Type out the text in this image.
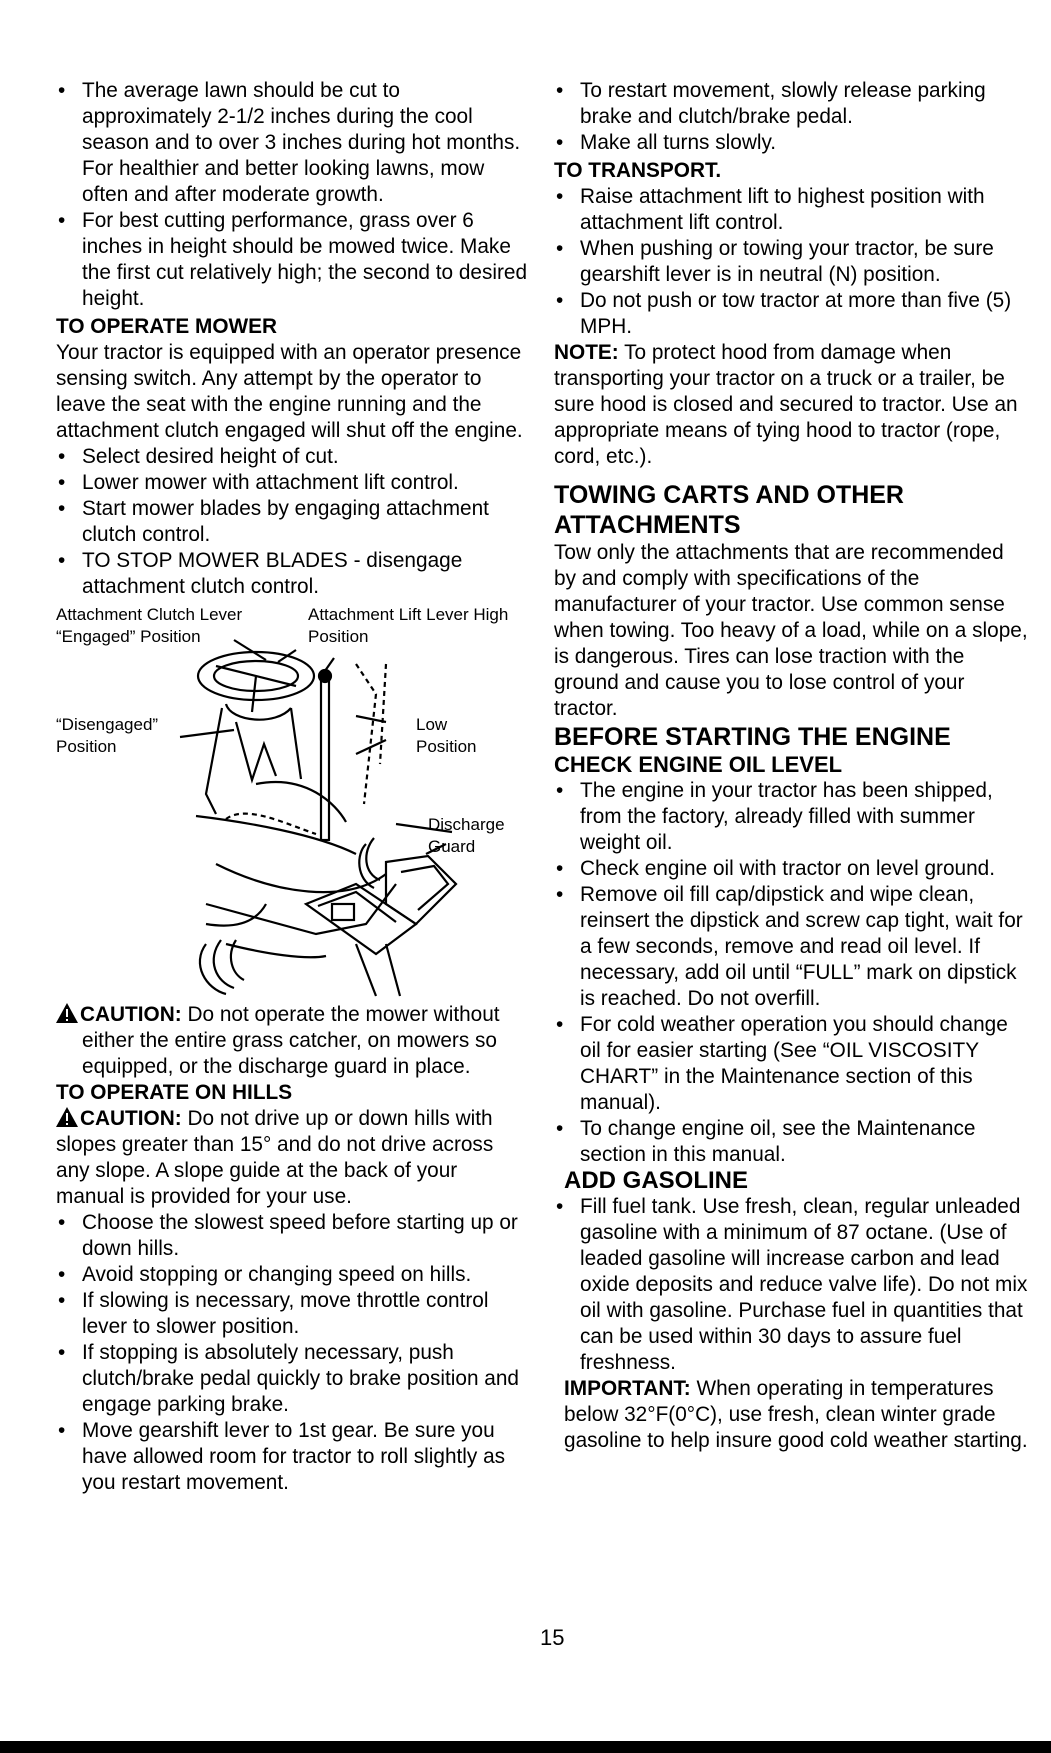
• The average lawn should be cut to approximately 2-1/2 inches during the cool season and to over 3 inches during hot months. For healthier and better looking lawns, mow often and after moderate growth.

• For best cutting performance, grass over 6 inches in height should be mowed twice. Make the first cut relatively high; the second to desired height.

TO OPERATE MOWER

Your tractor is equipped with an operator presence sensing switch. Any attempt by the operator to leave the seat with the engine running and the attachment clutch engaged will shut off the engine.

• Select desired height of cut.

• Lower mower with attachment lift control.

• Start mower blades by engaging attachment clutch control.

• TO STOP MOWER BLADES - disengage attachment clutch control.

Attachment Clutch Lever “Engaged” Position
Attachment Lift Lever High Position
“Disengaged” Position
Low Position
Discharge Guard

CAUTION: Do not operate the mower without either the entire grass catcher, on mowers so equipped, or the discharge guard in place.

TO OPERATE ON HILLS

CAUTION: Do not drive up or down hills with slopes greater than 15° and do not drive across any slope. A slope guide at the back of your manual is provided for your use.

• Choose the slowest speed before starting up or down hills.

• Avoid stopping or changing speed on hills.

• If slowing is necessary, move throttle control lever to slower position.

• If stopping is absolutely necessary, push clutch/brake pedal quickly to brake position and engage parking brake.

• Move gearshift lever to 1st gear. Be sure you have allowed room for tractor to roll slightly as you restart movement.

• To restart movement, slowly release parking brake and clutch/brake pedal.

• Make all turns slowly.

TO TRANSPORT.

• Raise attachment lift to highest position with attachment lift control.

• When pushing or towing your tractor, be sure gearshift lever is in neutral (N) position.

• Do not push or tow tractor at more than five (5) MPH.

NOTE: To protect hood from damage when transporting your tractor on a truck or a trailer, be sure hood is closed and secured to tractor. Use an appropriate means of tying hood to tractor (rope, cord, etc.).

TOWING CARTS AND OTHER ATTACHMENTS

Tow only the attachments that are recommended by and comply with specifications of the manufacturer of your tractor. Use common sense when towing. Too heavy of a load, while on a slope, is dangerous. Tires can lose traction with the ground and cause you to lose control of your tractor.

BEFORE STARTING THE ENGINE

CHECK ENGINE OIL LEVEL

• The engine in your tractor has been shipped, from the factory, already filled with summer weight oil.

• Check engine oil with tractor on level ground.

• Remove oil fill cap/dipstick and wipe clean, reinsert the dipstick and screw cap tight, wait for a few seconds, remove and read oil level. If necessary, add oil until “FULL” mark on dipstick is reached. Do not overfill.

• For cold weather operation you should change oil for easier starting (See “OIL VISCOSITY CHART” in the Maintenance section of this manual).

• To change engine oil, see the Maintenance section in this manual.

ADD GASOLINE

• Fill fuel tank. Use fresh, clean, regular unleaded gasoline with a minimum of 87 octane. (Use of leaded gasoline will increase carbon and lead oxide deposits and reduce valve life). Do not mix oil with gasoline. Purchase fuel in quantities that can be used within 30 days to assure fuel freshness.

IMPORTANT: When operating in temperatures below 32°F(0°C), use fresh, clean winter grade gasoline to help insure good cold weather starting.

15
